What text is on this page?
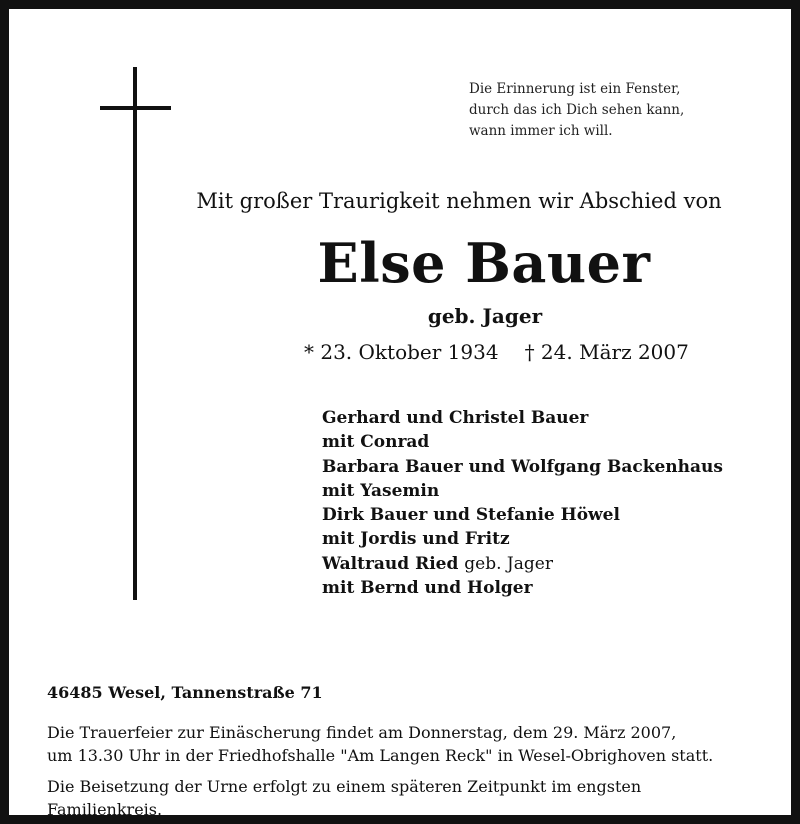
Die Erinnerung ist ein Fenster,
durch das ich Dich sehen kann,
wann immer ich will.
Mit großer Traurigkeit nehmen wir Abschied von
Else Bauer
geb. Jager
* 23. Oktober 1934 † 24. März 2007
Gerhard und Christel Bauer
mit Conrad
Barbara Bauer und Wolfgang Backenhaus
mit Yasemin
Dirk Bauer und Stefanie Höwel
mit Jordis und Fritz
Waltraud Ried geb. Jager
mit Bernd und Holger
46485 Wesel, Tannenstraße 71
Die Trauerfeier zur Einäscherung findet am Donnerstag, dem 29. März 2007,
um 13.30 Uhr in der Friedhofshalle "Am Langen Reck" in Wesel-Obrighoven statt.
Die Beisetzung der Urne erfolgt zu einem späteren Zeitpunkt im engsten
Familienkreis.
